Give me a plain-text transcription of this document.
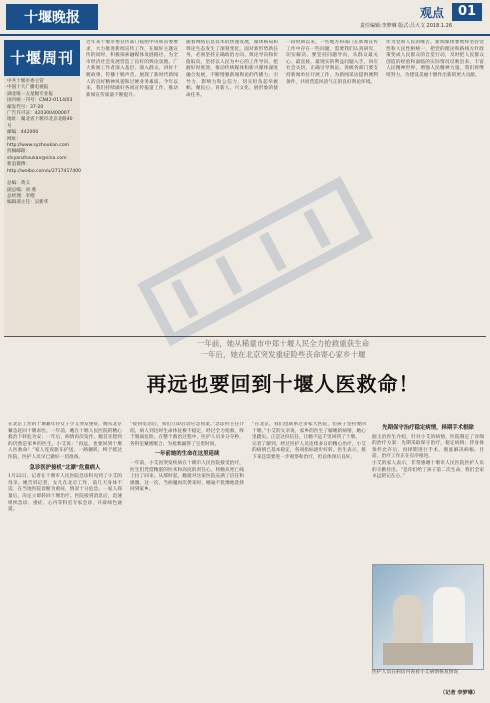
十堰晚报	责任编辑:李梦琳 版式:吕大文 2018.1.26
观点	01
十堰周刊
中共十堰市委主管
中国十大广播电视报
湖北唯一五星级专业报
国内统一刊号：CN42-0114/03
邮发代号：37-20
广告许可证：420300400007
地址：湖北省十堰市北京北路40号
邮编：442000
网址：http://www.syzhoukan.com
投稿邮箱：
shiyanzhoukan@sina.com
新浪微博：
http://weibo.com/u/2717417400
总编：黄义
副总编：刘 燕
总经理：李德
编辑部主任：吴新华
近年来十堰市委宣传部门按照中央和省委要求，大力推进新闻宣传工作，在做好主题宣传的同时，积极探索融媒体发展路径，为全市经济社会发展营造了良好的舆论氛围。广大新闻工作者深入基层、深入群众，讲好十堰故事，传播十堰声音，展现了新时代新闻人的良好精神风貌和过硬业务素质。今年以来，我们持续做好各项宣传报道工作，推动新闻宣传质量不断提升。
随着网络信息技术的快速发展，媒体格局和舆论生态发生了深刻变化。面对新形势新任务，必须坚持正确政治方向、舆论导向和价值取向，坚持以人民为中心的工作导向，把握好时度效，推动传统媒体和新兴媒体深度融合发展，不断增强新闻舆论的传播力、引导力、影响力和公信力，切实担负起举旗帜、聚民心、育新人、兴文化、展形象的使命任务。
一段时期以来，一些地方和部门在新闻宣传工作中存在一些问题，需要我们认真研究、切实解决。要坚持问题导向，从群众最关心、最直接、最现实的利益问题入手，回应社会关切，正确引导舆论。各级各部门要支持新闻单位开展工作，为新闻采访提供便利条件，共同营造风清气正的良好舆论环境。
作为党和人民的喉舌，新闻媒体要始终坚持党性和人民性相统一，把党的理论和路线方针政策变成人民群众的自觉行动，及时把人民群众创造的经验和面临的实际情况反映出来，丰富人民精神世界，增强人民精神力量。我们将继续努力，为建设美丽十堰作出新的更大贡献。
一年前，她从稀童市中郑十堰人民全力抢救重获生命
一年后，她在北京突发重症险些丧命寄心家乡十堰
再远也要回到十堰人医救命！
在北京工作的十堰籍年轻女子小艾突发重症，她从北京紧急赶回十堰求医。一年前，她在十堰人民医院的精心救治下转危为安；一年后，病情再次发作，她首先想到的仍然是家乡的医生。小艾说：“再远，也要回到十堰人医救命！”家人连夜驱车护送，一路辗转，终于抵达医院，医护人员早已做好一切准备。
急诊医护接机“北漂”危重病人
1月22日，记者在十堰市人民医院急诊科见到了小艾的母亲。她告诉记者，女儿在北京工作，前几天身体不适，在当地医院诊断为重症，情况十分危急。一家人商量后，决定立即转回十堰治疗。医院接到消息后，迅速组织急诊、重症、心内等科室专家会诊，开辟绿色通道。
“接到电话后，我们立即启动应急预案。”急诊科主任介绍，病人到达时生命体征极不稳定，经过全力抢救，终于脱离危险。在整个救治过程中，医护人员争分夺秒，各科室紧密配合，为抢救赢得了宝贵时间。
一年前她的生命在这里延续
一年前，小艾因突发疾病在十堰市人民医院接受治疗，医生们凭借精湛的医术和高度的责任心，将她从死亡线上拉了回来。从那时起，她就对这家医院充满了信任和感激。这一次，当病魔再次袭来时，她毫不犹豫地选择回到家乡。
“在北京，我们也联系过多家大医院，但孩子坚持要回十堰。”小艾的父亲说，家乡的医生了解她的病情，她心里踏实。正是这份信任，让她不远千里回到了十堰。
记者了解到，经过医护人员连续多日的精心治疗，小艾的病情已基本稳定，各项指标逐步好转。医生表示，接下来还需要进一步观察和治疗，但总体预后良好。
先期保守治疗稳定病情，择期手术根除
据主治医生介绍，针对小艾的病情，医院制定了详细的治疗方案：先期采取保守治疗，稳定病情；待身体条件允许后，再择期进行手术，彻底解决病根。目前，治疗工作正在有序推进。
小艾的家人表示，非常感谢十堰市人民医院医护人员的辛勤付出。“是你们给了孩子第二次生命，我们全家永远铭记在心。”
医护人员在病房内查看小艾病情恢复情况
（记者 李梦琳）
